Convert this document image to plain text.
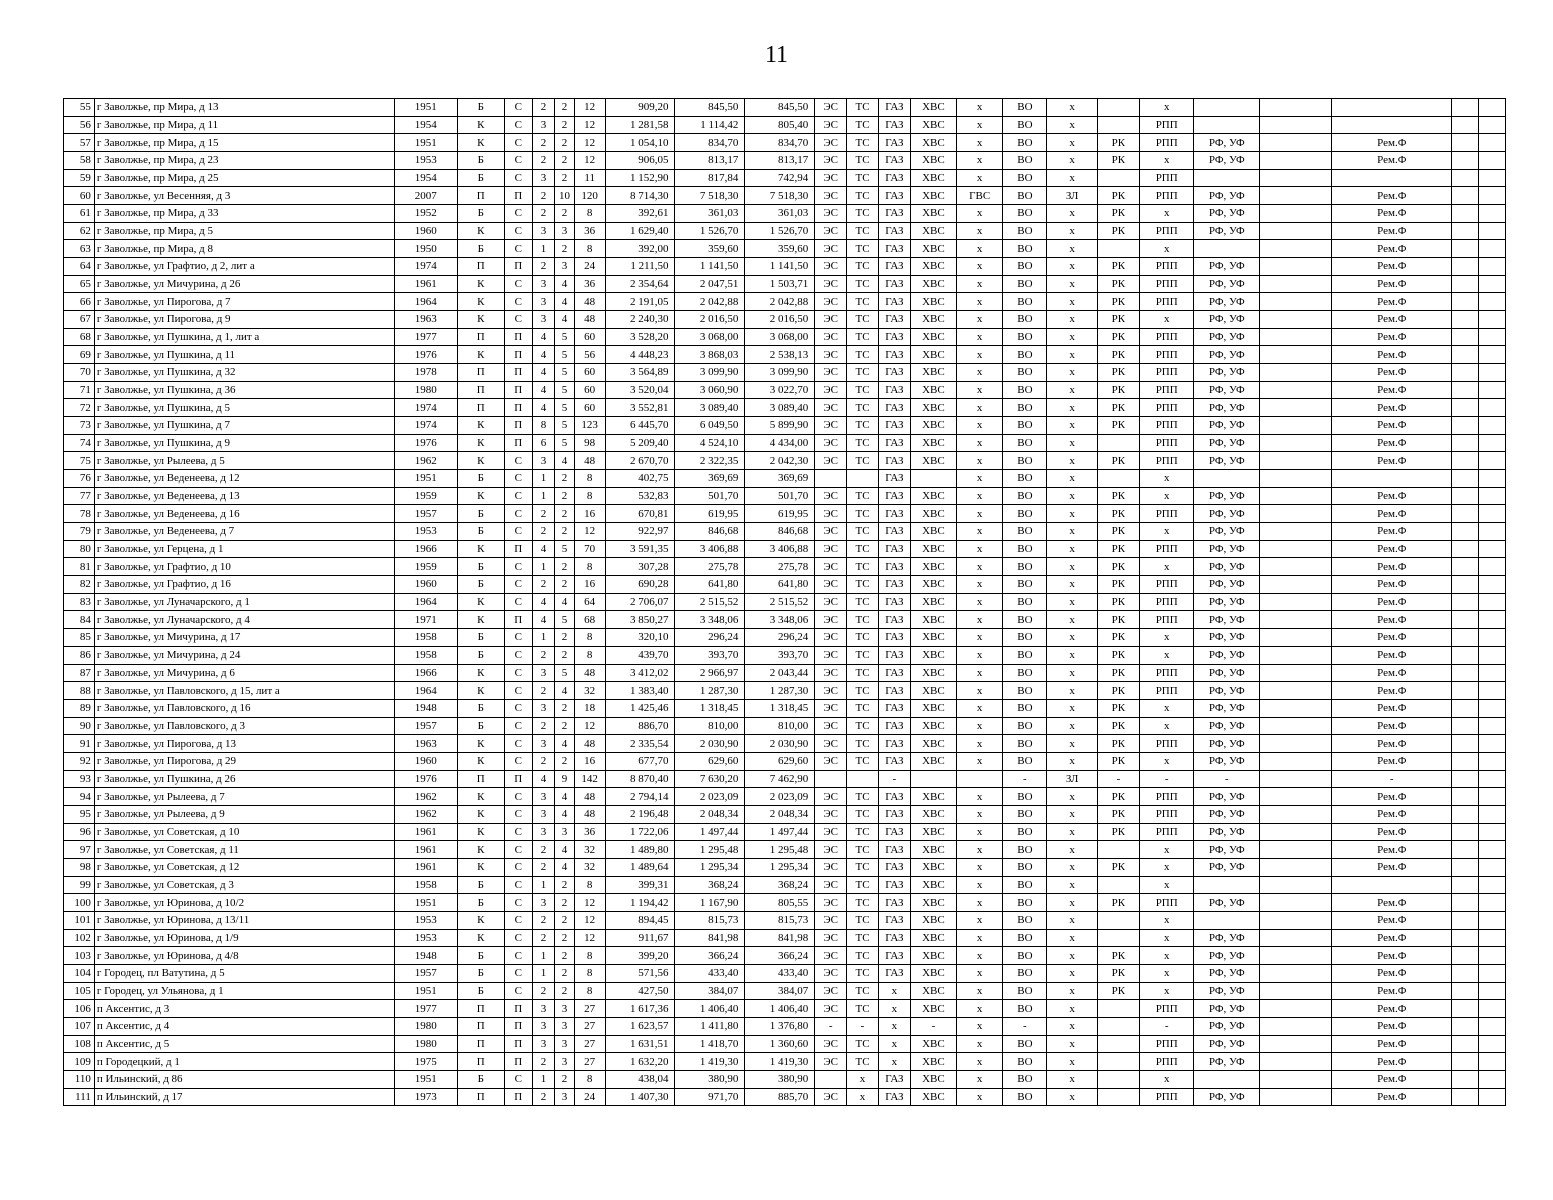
11
55	г Заволжье, пр Мира, д 13	1951	Б	С	2	2	12	909,20	845,50	845,50	ЭС	ТС	ГАЗ	ХВС	х	ВО	х		х					
56	г Заволжье, пр Мира, д 11	1954	К	С	3	2	12	1 281,58	1 114,42	805,40	ЭС	ТС	ГАЗ	ХВС	х	ВО	х		РПП					
57	г Заволжье, пр Мира, д 15	1951	К	С	2	2	12	1 054,10	834,70	834,70	ЭС	ТС	ГАЗ	ХВС	х	ВО	х	РК	РПП	РФ, УФ		Рем.Ф		
58	г Заволжье, пр Мира, д 23	1953	Б	С	2	2	12	906,05	813,17	813,17	ЭС	ТС	ГАЗ	ХВС	х	ВО	х	РК	х	РФ, УФ		Рем.Ф		
59	г Заволжье, пр Мира, д 25	1954	Б	С	3	2	11	1 152,90	817,84	742,94	ЭС	ТС	ГАЗ	ХВС	х	ВО	х		РПП					
60	г Заволжье, ул Весенняя, д 3	2007	П	П	2	10	120	8 714,30	7 518,30	7 518,30	ЭС	ТС	ГАЗ	ХВС	ГВС	ВО	ЗЛ	РК	РПП	РФ, УФ		Рем.Ф		
61	г Заволжье, пр Мира, д 33	1952	Б	С	2	2	8	392,61	361,03	361,03	ЭС	ТС	ГАЗ	ХВС	х	ВО	х	РК	х	РФ, УФ		Рем.Ф		
62	г Заволжье, пр Мира, д 5	1960	К	С	3	3	36	1 629,40	1 526,70	1 526,70	ЭС	ТС	ГАЗ	ХВС	х	ВО	х	РК	РПП	РФ, УФ		Рем.Ф		
63	г Заволжье, пр Мира, д 8	1950	Б	С	1	2	8	392,00	359,60	359,60	ЭС	ТС	ГАЗ	ХВС	х	ВО	х		х			Рем.Ф		
64	г Заволжье, ул Графтио, д 2, лит а	1974	П	П	2	3	24	1 211,50	1 141,50	1 141,50	ЭС	ТС	ГАЗ	ХВС	х	ВО	х	РК	РПП	РФ, УФ		Рем.Ф		
65	г Заволжье, ул Мичурина, д 26	1961	К	С	3	4	36	2 354,64	2 047,51	1 503,71	ЭС	ТС	ГАЗ	ХВС	х	ВО	х	РК	РПП	РФ, УФ		Рем.Ф		
66	г Заволжье, ул Пирогова, д 7	1964	К	С	3	4	48	2 191,05	2 042,88	2 042,88	ЭС	ТС	ГАЗ	ХВС	х	ВО	х	РК	РПП	РФ, УФ		Рем.Ф		
67	г Заволжье, ул Пирогова, д 9	1963	К	С	3	4	48	2 240,30	2 016,50	2 016,50	ЭС	ТС	ГАЗ	ХВС	х	ВО	х	РК	х	РФ, УФ		Рем.Ф		
68	г Заволжье, ул Пушкина, д 1, лит а	1977	П	П	4	5	60	3 528,20	3 068,00	3 068,00	ЭС	ТС	ГАЗ	ХВС	х	ВО	х	РК	РПП	РФ, УФ		Рем.Ф		
69	г Заволжье, ул Пушкина, д 11	1976	К	П	4	5	56	4 448,23	3 868,03	2 538,13	ЭС	ТС	ГАЗ	ХВС	х	ВО	х	РК	РПП	РФ, УФ		Рем.Ф		
70	г Заволжье, ул Пушкина, д 32	1978	П	П	4	5	60	3 564,89	3 099,90	3 099,90	ЭС	ТС	ГАЗ	ХВС	х	ВО	х	РК	РПП	РФ, УФ		Рем.Ф		
71	г Заволжье, ул Пушкина, д 36	1980	П	П	4	5	60	3 520,04	3 060,90	3 022,70	ЭС	ТС	ГАЗ	ХВС	х	ВО	х	РК	РПП	РФ, УФ		Рем.Ф		
72	г Заволжье, ул Пушкина, д 5	1974	П	П	4	5	60	3 552,81	3 089,40	3 089,40	ЭС	ТС	ГАЗ	ХВС	х	ВО	х	РК	РПП	РФ, УФ		Рем.Ф		
73	г Заволжье, ул Пушкина, д 7	1974	К	П	8	5	123	6 445,70	6 049,50	5 899,90	ЭС	ТС	ГАЗ	ХВС	х	ВО	х	РК	РПП	РФ, УФ		Рем.Ф		
74	г Заволжье, ул Пушкина, д 9	1976	К	П	6	5	98	5 209,40	4 524,10	4 434,00	ЭС	ТС	ГАЗ	ХВС	х	ВО	х		РПП	РФ, УФ		Рем.Ф		
75	г Заволжье, ул Рылеева, д 5	1962	К	С	3	4	48	2 670,70	2 322,35	2 042,30	ЭС	ТС	ГАЗ	ХВС	х	ВО	х	РК	РПП	РФ, УФ		Рем.Ф		
76	г Заволжье, ул Веденеева, д 12	1951	Б	С	1	2	8	402,75	369,69	369,69			ГАЗ		х	ВО	х		х					
77	г Заволжье, ул Веденеева, д 13	1959	К	С	1	2	8	532,83	501,70	501,70	ЭС	ТС	ГАЗ	ХВС	х	ВО	х	РК	х	РФ, УФ		Рем.Ф		
78	г Заволжье, ул Веденеева, д 16	1957	Б	С	2	2	16	670,81	619,95	619,95	ЭС	ТС	ГАЗ	ХВС	х	ВО	х	РК	РПП	РФ, УФ		Рем.Ф		
79	г Заволжье, ул Веденеева, д 7	1953	Б	С	2	2	12	922,97	846,68	846,68	ЭС	ТС	ГАЗ	ХВС	х	ВО	х	РК	х	РФ, УФ		Рем.Ф		
80	г Заволжье, ул Герцена, д 1	1966	К	П	4	5	70	3 591,35	3 406,88	3 406,88	ЭС	ТС	ГАЗ	ХВС	х	ВО	х	РК	РПП	РФ, УФ		Рем.Ф		
81	г Заволжье, ул Графтио, д 10	1959	Б	С	1	2	8	307,28	275,78	275,78	ЭС	ТС	ГАЗ	ХВС	х	ВО	х	РК	х	РФ, УФ		Рем.Ф		
82	г Заволжье, ул Графтио, д 16	1960	Б	С	2	2	16	690,28	641,80	641,80	ЭС	ТС	ГАЗ	ХВС	х	ВО	х	РК	РПП	РФ, УФ		Рем.Ф		
83	г Заволжье, ул Луначарского, д 1	1964	К	С	4	4	64	2 706,07	2 515,52	2 515,52	ЭС	ТС	ГАЗ	ХВС	х	ВО	х	РК	РПП	РФ, УФ		Рем.Ф		
84	г Заволжье, ул Луначарского, д 4	1971	К	П	4	5	68	3 850,27	3 348,06	3 348,06	ЭС	ТС	ГАЗ	ХВС	х	ВО	х	РК	РПП	РФ, УФ		Рем.Ф		
85	г Заволжье, ул Мичурина, д 17	1958	Б	С	1	2	8	320,10	296,24	296,24	ЭС	ТС	ГАЗ	ХВС	х	ВО	х	РК	х	РФ, УФ		Рем.Ф		
86	г Заволжье, ул Мичурина, д 24	1958	Б	С	2	2	8	439,70	393,70	393,70	ЭС	ТС	ГАЗ	ХВС	х	ВО	х	РК	х	РФ, УФ		Рем.Ф		
87	г Заволжье, ул Мичурина, д 6	1966	К	С	3	5	48	3 412,02	2 966,97	2 043,44	ЭС	ТС	ГАЗ	ХВС	х	ВО	х	РК	РПП	РФ, УФ		Рем.Ф		
88	г Заволжье, ул Павловского, д 15, лит а	1964	К	С	2	4	32	1 383,40	1 287,30	1 287,30	ЭС	ТС	ГАЗ	ХВС	х	ВО	х	РК	РПП	РФ, УФ		Рем.Ф		
89	г Заволжье, ул Павловского, д 16	1948	Б	С	3	2	18	1 425,46	1 318,45	1 318,45	ЭС	ТС	ГАЗ	ХВС	х	ВО	х	РК	х	РФ, УФ		Рем.Ф		
90	г Заволжье, ул Павловского, д 3	1957	Б	С	2	2	12	886,70	810,00	810,00	ЭС	ТС	ГАЗ	ХВС	х	ВО	х	РК	х	РФ, УФ		Рем.Ф		
91	г Заволжье, ул Пирогова, д 13	1963	К	С	3	4	48	2 335,54	2 030,90	2 030,90	ЭС	ТС	ГАЗ	ХВС	х	ВО	х	РК	РПП	РФ, УФ		Рем.Ф		
92	г Заволжье, ул Пирогова, д 29	1960	К	С	2	2	16	677,70	629,60	629,60	ЭС	ТС	ГАЗ	ХВС	х	ВО	х	РК	х	РФ, УФ		Рем.Ф		
93	г Заволжье, ул Пушкина, д 26	1976	П	П	4	9	142	8 870,40	7 630,20	7 462,90			-			-	ЗЛ	-	-	-		-		
94	г Заволжье, ул Рылеева, д 7	1962	К	С	3	4	48	2 794,14	2 023,09	2 023,09	ЭС	ТС	ГАЗ	ХВС	х	ВО	х	РК	РПП	РФ, УФ		Рем.Ф		
95	г Заволжье, ул Рылеева, д 9	1962	К	С	3	4	48	2 196,48	2 048,34	2 048,34	ЭС	ТС	ГАЗ	ХВС	х	ВО	х	РК	РПП	РФ, УФ		Рем.Ф		
96	г Заволжье, ул Советская, д 10	1961	К	С	3	3	36	1 722,06	1 497,44	1 497,44	ЭС	ТС	ГАЗ	ХВС	х	ВО	х	РК	РПП	РФ, УФ		Рем.Ф		
97	г Заволжье, ул Советская, д 11	1961	К	С	2	4	32	1 489,80	1 295,48	1 295,48	ЭС	ТС	ГАЗ	ХВС	х	ВО	х		х	РФ, УФ		Рем.Ф		
98	г Заволжье, ул Советская, д 12	1961	К	С	2	4	32	1 489,64	1 295,34	1 295,34	ЭС	ТС	ГАЗ	ХВС	х	ВО	х	РК	х	РФ, УФ		Рем.Ф		
99	г Заволжье, ул Советская, д 3	1958	Б	С	1	2	8	399,31	368,24	368,24	ЭС	ТС	ГАЗ	ХВС	х	ВО	х		х					
100	г Заволжье, ул Юринова, д 10/2	1951	Б	С	3	2	12	1 194,42	1 167,90	805,55	ЭС	ТС	ГАЗ	ХВС	х	ВО	х	РК	РПП	РФ, УФ		Рем.Ф		
101	г Заволжье, ул Юринова, д 13/11	1953	К	С	2	2	12	894,45	815,73	815,73	ЭС	ТС	ГАЗ	ХВС	х	ВО	х		х			Рем.Ф		
102	г Заволжье, ул Юринова, д 1/9	1953	К	С	2	2	12	911,67	841,98	841,98	ЭС	ТС	ГАЗ	ХВС	х	ВО	х		х	РФ, УФ		Рем.Ф		
103	г Заволжье, ул Юринова, д 4/8	1948	Б	С	1	2	8	399,20	366,24	366,24	ЭС	ТС	ГАЗ	ХВС	х	ВО	х	РК	х	РФ, УФ		Рем.Ф		
104	г Городец, пл Ватутина, д 5	1957	Б	С	1	2	8	571,56	433,40	433,40	ЭС	ТС	ГАЗ	ХВС	х	ВО	х	РК	х	РФ, УФ		Рем.Ф		
105	г Городец, ул Ульянова, д 1	1951	Б	С	2	2	8	427,50	384,07	384,07	ЭС	ТС	х	ХВС	х	ВО	х	РК	х	РФ, УФ		Рем.Ф		
106	п Аксентис, д 3	1977	П	П	3	3	27	1 617,36	1 406,40	1 406,40	ЭС	ТС	х	ХВС	х	ВО	х		РПП	РФ, УФ		Рем.Ф		
107	п Аксентис, д 4	1980	П	П	3	3	27	1 623,57	1 411,80	1 376,80	-	-	х	-	х	-	х		-	РФ, УФ		Рем.Ф		
108	п Аксентис, д 5	1980	П	П	3	3	27	1 631,51	1 418,70	1 360,60	ЭС	ТС	х	ХВС	х	ВО	х		РПП	РФ, УФ		Рем.Ф		
109	п Городецкий, д 1	1975	П	П	2	3	27	1 632,20	1 419,30	1 419,30	ЭС	ТС	х	ХВС	х	ВО	х		РПП	РФ, УФ		Рем.Ф		
110	п Ильинский, д 86	1951	Б	С	1	2	8	438,04	380,90	380,90		х	ГАЗ	ХВС	х	ВО	х		х			Рем.Ф		
111	п Ильинский, д 17	1973	П	П	2	3	24	1 407,30	971,70	885,70	ЭС	х	ГАЗ	ХВС	х	ВО	х		РПП	РФ, УФ		Рем.Ф		
